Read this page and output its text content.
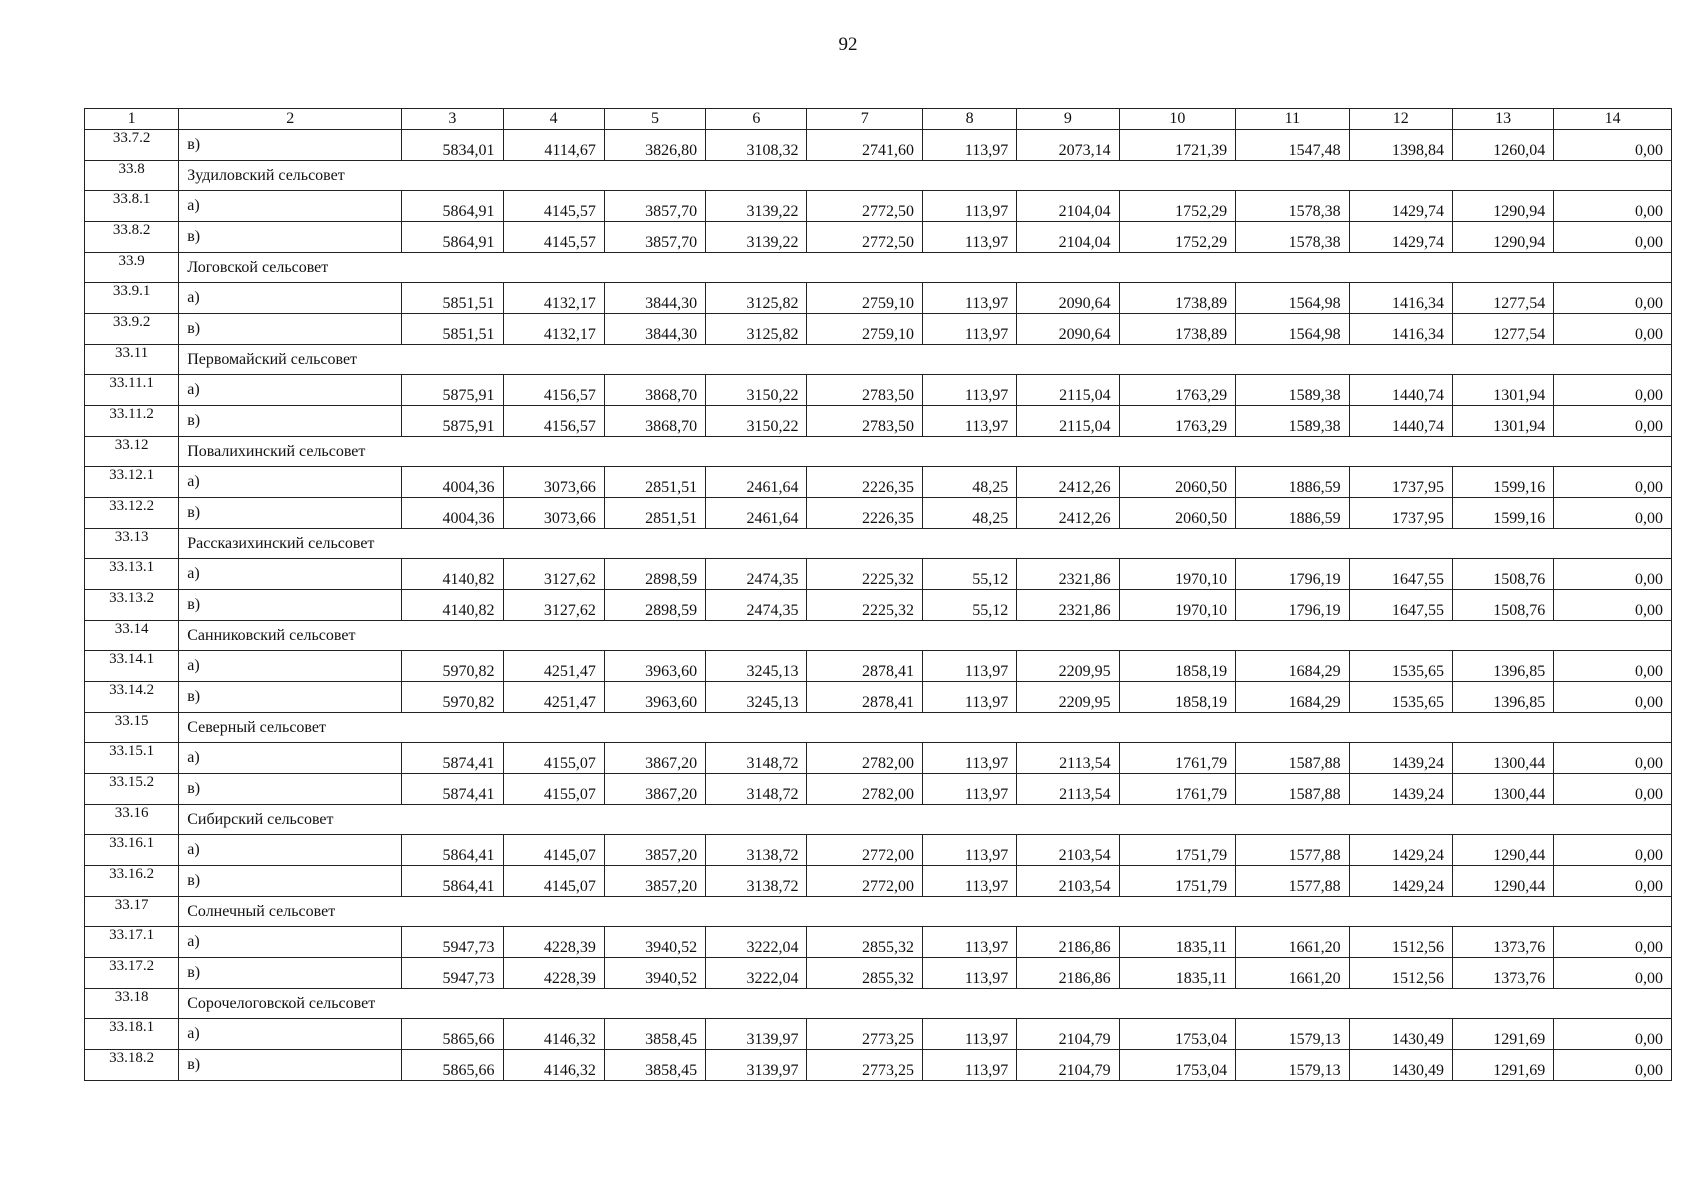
92
1	2	3	4	5	6	7	8	9	10	11	12	13	14
33.7.2	в)	5834,01	4114,67	3826,80	3108,32	2741,60	113,97	2073,14	1721,39	1547,48	1398,84	1260,04	0,00
33.8	Зудиловский сельсовет												
33.8.1	а)	5864,91	4145,57	3857,70	3139,22	2772,50	113,97	2104,04	1752,29	1578,38	1429,74	1290,94	0,00
33.8.2	в)	5864,91	4145,57	3857,70	3139,22	2772,50	113,97	2104,04	1752,29	1578,38	1429,74	1290,94	0,00
33.9	Логовской сельсовет												
33.9.1	а)	5851,51	4132,17	3844,30	3125,82	2759,10	113,97	2090,64	1738,89	1564,98	1416,34	1277,54	0,00
33.9.2	в)	5851,51	4132,17	3844,30	3125,82	2759,10	113,97	2090,64	1738,89	1564,98	1416,34	1277,54	0,00
33.11	Первомайский сельсовет												
33.11.1	а)	5875,91	4156,57	3868,70	3150,22	2783,50	113,97	2115,04	1763,29	1589,38	1440,74	1301,94	0,00
33.11.2	в)	5875,91	4156,57	3868,70	3150,22	2783,50	113,97	2115,04	1763,29	1589,38	1440,74	1301,94	0,00
33.12	Повалихинский сельсовет												
33.12.1	а)	4004,36	3073,66	2851,51	2461,64	2226,35	48,25	2412,26	2060,50	1886,59	1737,95	1599,16	0,00
33.12.2	в)	4004,36	3073,66	2851,51	2461,64	2226,35	48,25	2412,26	2060,50	1886,59	1737,95	1599,16	0,00
33.13	Рассказихинский сельсовет												
33.13.1	а)	4140,82	3127,62	2898,59	2474,35	2225,32	55,12	2321,86	1970,10	1796,19	1647,55	1508,76	0,00
33.13.2	в)	4140,82	3127,62	2898,59	2474,35	2225,32	55,12	2321,86	1970,10	1796,19	1647,55	1508,76	0,00
33.14	Санниковский сельсовет												
33.14.1	а)	5970,82	4251,47	3963,60	3245,13	2878,41	113,97	2209,95	1858,19	1684,29	1535,65	1396,85	0,00
33.14.2	в)	5970,82	4251,47	3963,60	3245,13	2878,41	113,97	2209,95	1858,19	1684,29	1535,65	1396,85	0,00
33.15	Северный сельсовет												
33.15.1	а)	5874,41	4155,07	3867,20	3148,72	2782,00	113,97	2113,54	1761,79	1587,88	1439,24	1300,44	0,00
33.15.2	в)	5874,41	4155,07	3867,20	3148,72	2782,00	113,97	2113,54	1761,79	1587,88	1439,24	1300,44	0,00
33.16	Сибирский сельсовет												
33.16.1	а)	5864,41	4145,07	3857,20	3138,72	2772,00	113,97	2103,54	1751,79	1577,88	1429,24	1290,44	0,00
33.16.2	в)	5864,41	4145,07	3857,20	3138,72	2772,00	113,97	2103,54	1751,79	1577,88	1429,24	1290,44	0,00
33.17	Солнечный сельсовет												
33.17.1	а)	5947,73	4228,39	3940,52	3222,04	2855,32	113,97	2186,86	1835,11	1661,20	1512,56	1373,76	0,00
33.17.2	в)	5947,73	4228,39	3940,52	3222,04	2855,32	113,97	2186,86	1835,11	1661,20	1512,56	1373,76	0,00
33.18	Сорочелоговской сельсовет												
33.18.1	а)	5865,66	4146,32	3858,45	3139,97	2773,25	113,97	2104,79	1753,04	1579,13	1430,49	1291,69	0,00
33.18.2	в)	5865,66	4146,32	3858,45	3139,97	2773,25	113,97	2104,79	1753,04	1579,13	1430,49	1291,69	0,00
